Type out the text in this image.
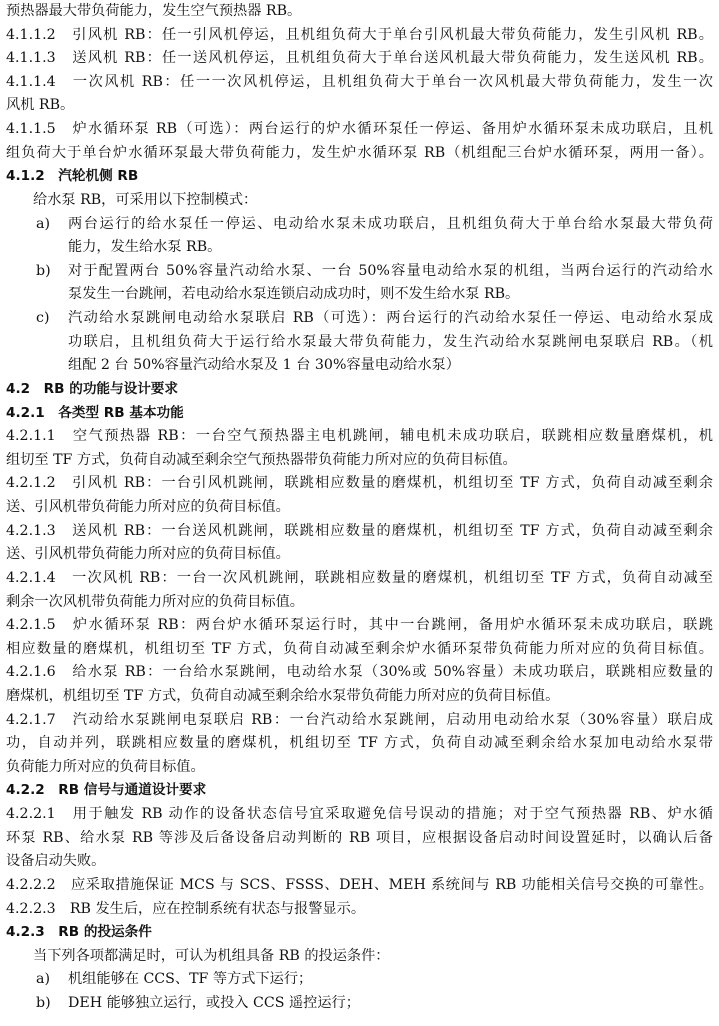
预热器最大带负荷能力，发生空气预热器 RB。
4.1.1.2　引风机 RB：任一引风机停运，且机组负荷大于单台引风机最大带负荷能力，发生引风机 RB。
4.1.1.3　送风机 RB：任一送风机停运，且机组负荷大于单台送风机最大带负荷能力，发生送风机 RB。
4.1.1.4　一次风机 RB：任一一次风机停运，且机组负荷大于单台一次风机最大带负荷能力，发生一次
风机 RB。
4.1.1.5　炉水循环泵 RB（可选）：两台运行的炉水循环泵任一停运、备用炉水循环泵未成功联启，且机
组负荷大于单台炉水循环泵最大带负荷能力，发生炉水循环泵 RB（机组配三台炉水循环泵，两用一备）。
4.1.2　汽轮机侧 RB
给水泵 RB，可采用以下控制模式：
a) 两台运行的给水泵任一停运、电动给水泵未成功联启，且机组负荷大于单台给水泵最大带负荷
能力，发生给水泵 RB。
b) 对于配置两台 50%容量汽动给水泵、一台 50%容量电动给水泵的机组，当两台运行的汽动给水
泵发生一台跳闸，若电动给水泵连锁启动成功时，则不发生给水泵 RB。
c) 汽动给水泵跳闸电动给水泵联启 RB（可选）：两台运行的汽动给水泵任一停运、电动给水泵成
功联启，且机组负荷大于运行给水泵最大带负荷能力，发生汽动给水泵跳闸电泵联启 RB。（机
组配 2 台 50%容量汽动给水泵及 1 台 30%容量电动给水泵）
4.2　RB 的功能与设计要求
4.2.1　各类型 RB 基本功能
4.2.1.1　空气预热器 RB：一台空气预热器主电机跳闸，辅电机未成功联启，联跳相应数量磨煤机，机
组切至 TF 方式，负荷自动减至剩余空气预热器带负荷能力所对应的负荷目标值。
4.2.1.2　引风机 RB：一台引风机跳闸，联跳相应数量的磨煤机，机组切至 TF 方式，负荷自动减至剩余
送、引风机带负荷能力所对应的负荷目标值。
4.2.1.3　送风机 RB：一台送风机跳闸，联跳相应数量的磨煤机，机组切至 TF 方式，负荷自动减至剩余
送、引风机带负荷能力所对应的负荷目标值。
4.2.1.4　一次风机 RB：一台一次风机跳闸，联跳相应数量的磨煤机，机组切至 TF 方式，负荷自动减至
剩余一次风机带负荷能力所对应的负荷目标值。
4.2.1.5　炉水循环泵 RB：两台炉水循环泵运行时，其中一台跳闸，备用炉水循环泵未成功联启，联跳
相应数量的磨煤机，机组切至 TF 方式，负荷自动减至剩余炉水循环泵带负荷能力所对应的负荷目标值。
4.2.1.6　给水泵 RB：一台给水泵跳闸，电动给水泵（30%或 50%容量）未成功联启，联跳相应数量的
磨煤机，机组切至 TF 方式，负荷自动减至剩余给水泵带负荷能力所对应的负荷目标值。
4.2.1.7　汽动给水泵跳闸电泵联启 RB：一台汽动给水泵跳闸，启动用电动给水泵（30%容量）联启成
功，自动并列，联跳相应数量的磨煤机，机组切至 TF 方式，负荷自动减至剩余给水泵加电动给水泵带
负荷能力所对应的负荷目标值。
4.2.2　RB 信号与通道设计要求
4.2.2.1　用于触发 RB 动作的设备状态信号宜采取避免信号误动的措施；对于空气预热器 RB、炉水循
环泵 RB、给水泵 RB 等涉及后备设备启动判断的 RB 项目，应根据设备启动时间设置延时，以确认后备
设备启动失败。
4.2.2.2　应采取措施保证 MCS 与 SCS、FSSS、DEH、MEH 系统间与 RB 功能相关信号交换的可靠性。
4.2.2.3　RB 发生后，应在控制系统有状态与报警显示。
4.2.3　RB 的投运条件
当下列各项都满足时，可认为机组具备 RB 的投运条件：
a) 机组能够在 CCS、TF 等方式下运行；
b) DEH 能够独立运行，或投入 CCS 遥控运行；
